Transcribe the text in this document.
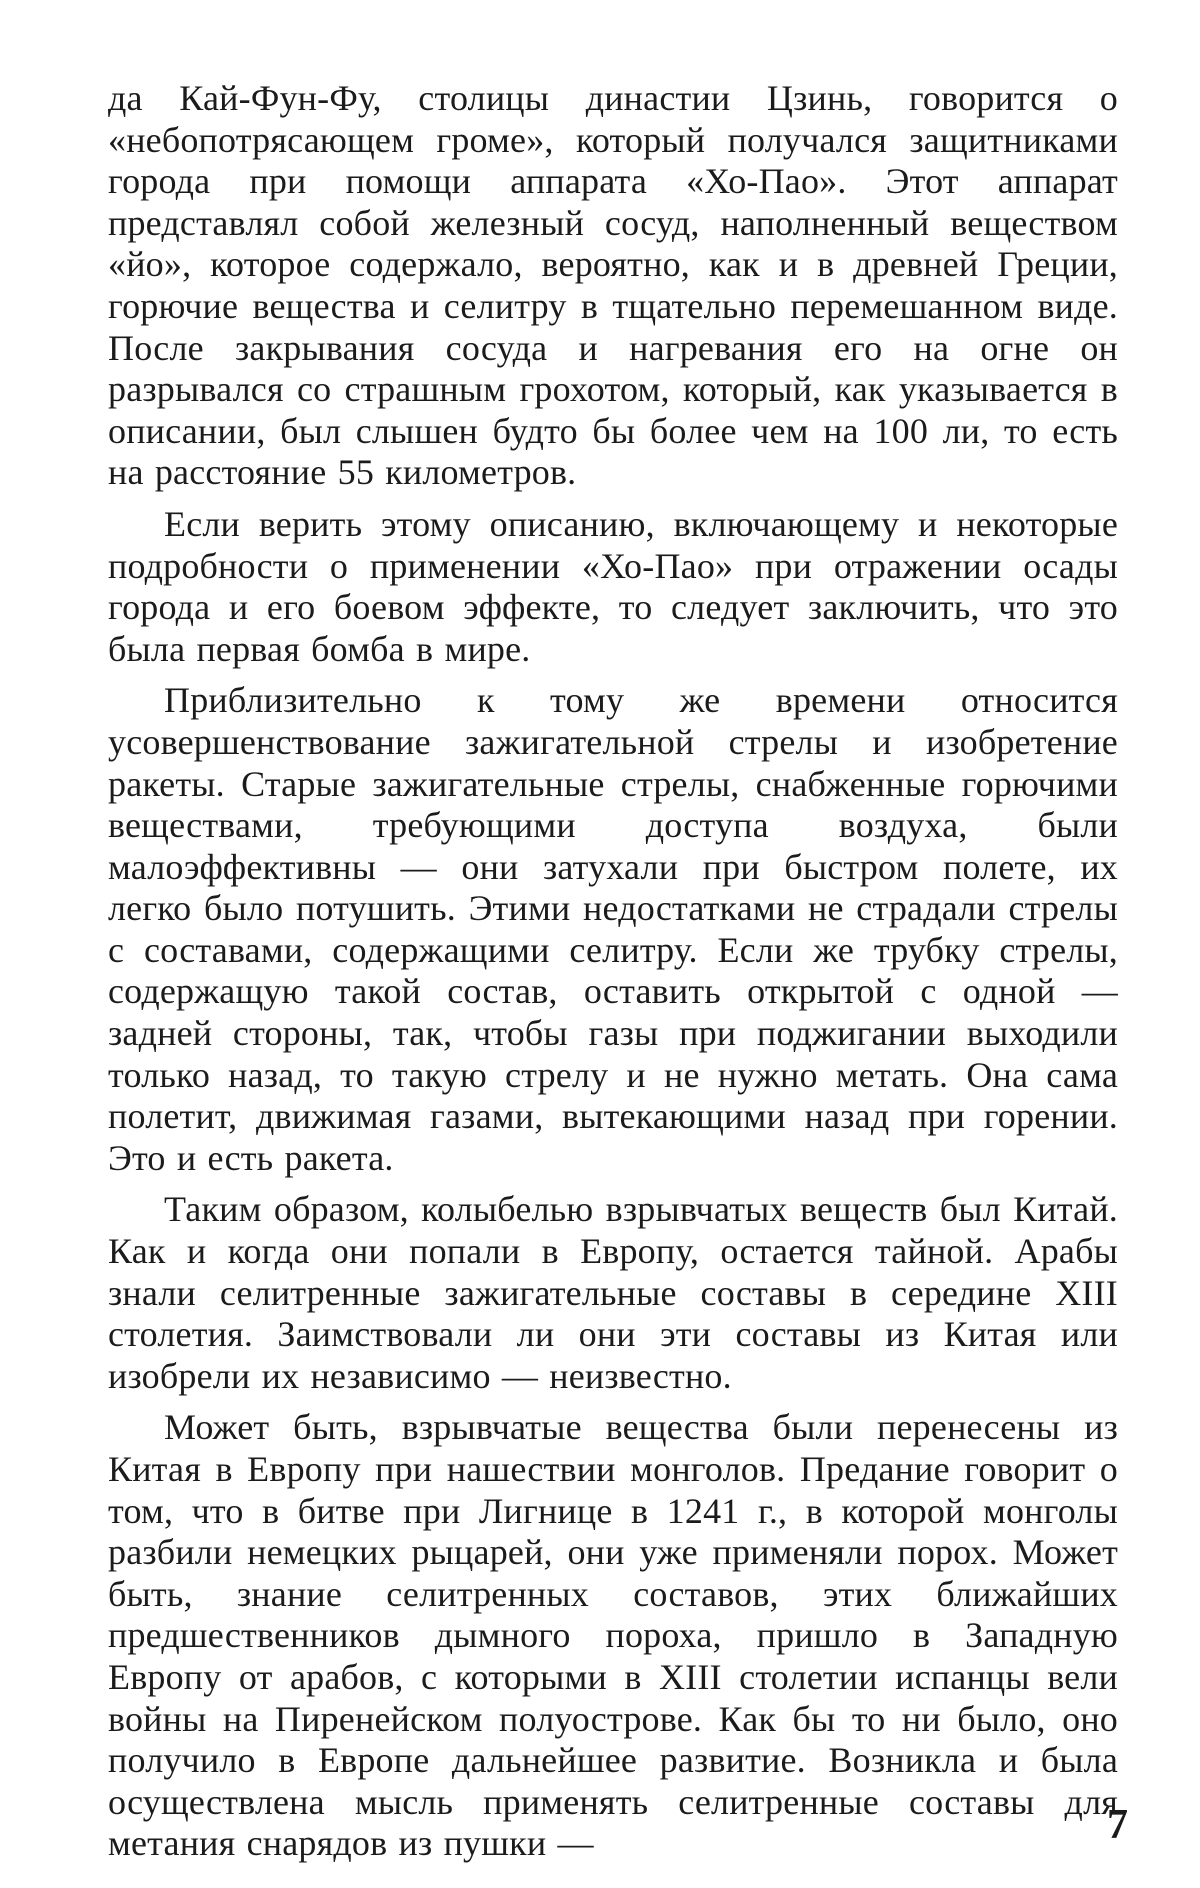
да Кай-Фун-Фу, столицы династии Цзинь, говорится о «небопотрясающем громе», который получался защитниками города при помощи аппарата «Хо-Пао». Этот аппарат представлял собой железный сосуд, наполненный веществом «йо», которое содержало, вероятно, как и в древней Греции, горючие вещества и селитру в тщательно перемешанном виде. После закрывания сосуда и нагревания его на огне он разрывался со страшным грохотом, который, как указывается в описании, был слышен будто бы более чем на 100 ли, то есть на расстояние 55 километров.

Если верить этому описанию, включающему и некоторые подробности о применении «Хо-Пао» при отражении осады города и его боевом эффекте, то следует заключить, что это была первая бомба в мире.

Приблизительно к тому же времени относится усовершенствование зажигательной стрелы и изобретение ракеты. Старые зажигательные стрелы, снабженные горючими веществами, требующими доступа воздуха, были малоэффективны — они затухали при быстром полете, их легко было потушить. Этими недостатками не страдали стрелы с составами, содержащими селитру. Если же трубку стрелы, содержащую такой состав, оставить открытой с одной — задней стороны, так, чтобы газы при поджигании выходили только назад, то такую стрелу и не нужно метать. Она сама полетит, движимая газами, вытекающими назад при горении. Это и есть ракета.

Таким образом, колыбелью взрывчатых веществ был Китай. Как и когда они попали в Европу, остается тайной. Арабы знали селитренные зажигательные составы в середине XIII столетия. Заимствовали ли они эти составы из Китая или изобрели их независимо — неизвестно.

Может быть, взрывчатые вещества были перенесены из Китая в Европу при нашествии монголов. Предание говорит о том, что в битве при Лигнице в 1241 г., в которой монголы разбили немецких рыцарей, они уже применяли порох. Может быть, знание селитренных составов, этих ближайших предшественников дымного пороха, пришло в Западную Европу от арабов, с которыми в XIII столетии испанцы вели войны на Пиренейском полуострове. Как бы то ни было, оно получило в Европе дальнейшее развитие. Возникла и была осуществлена мысль применять селитренные составы для метания снарядов из пушки —	7
